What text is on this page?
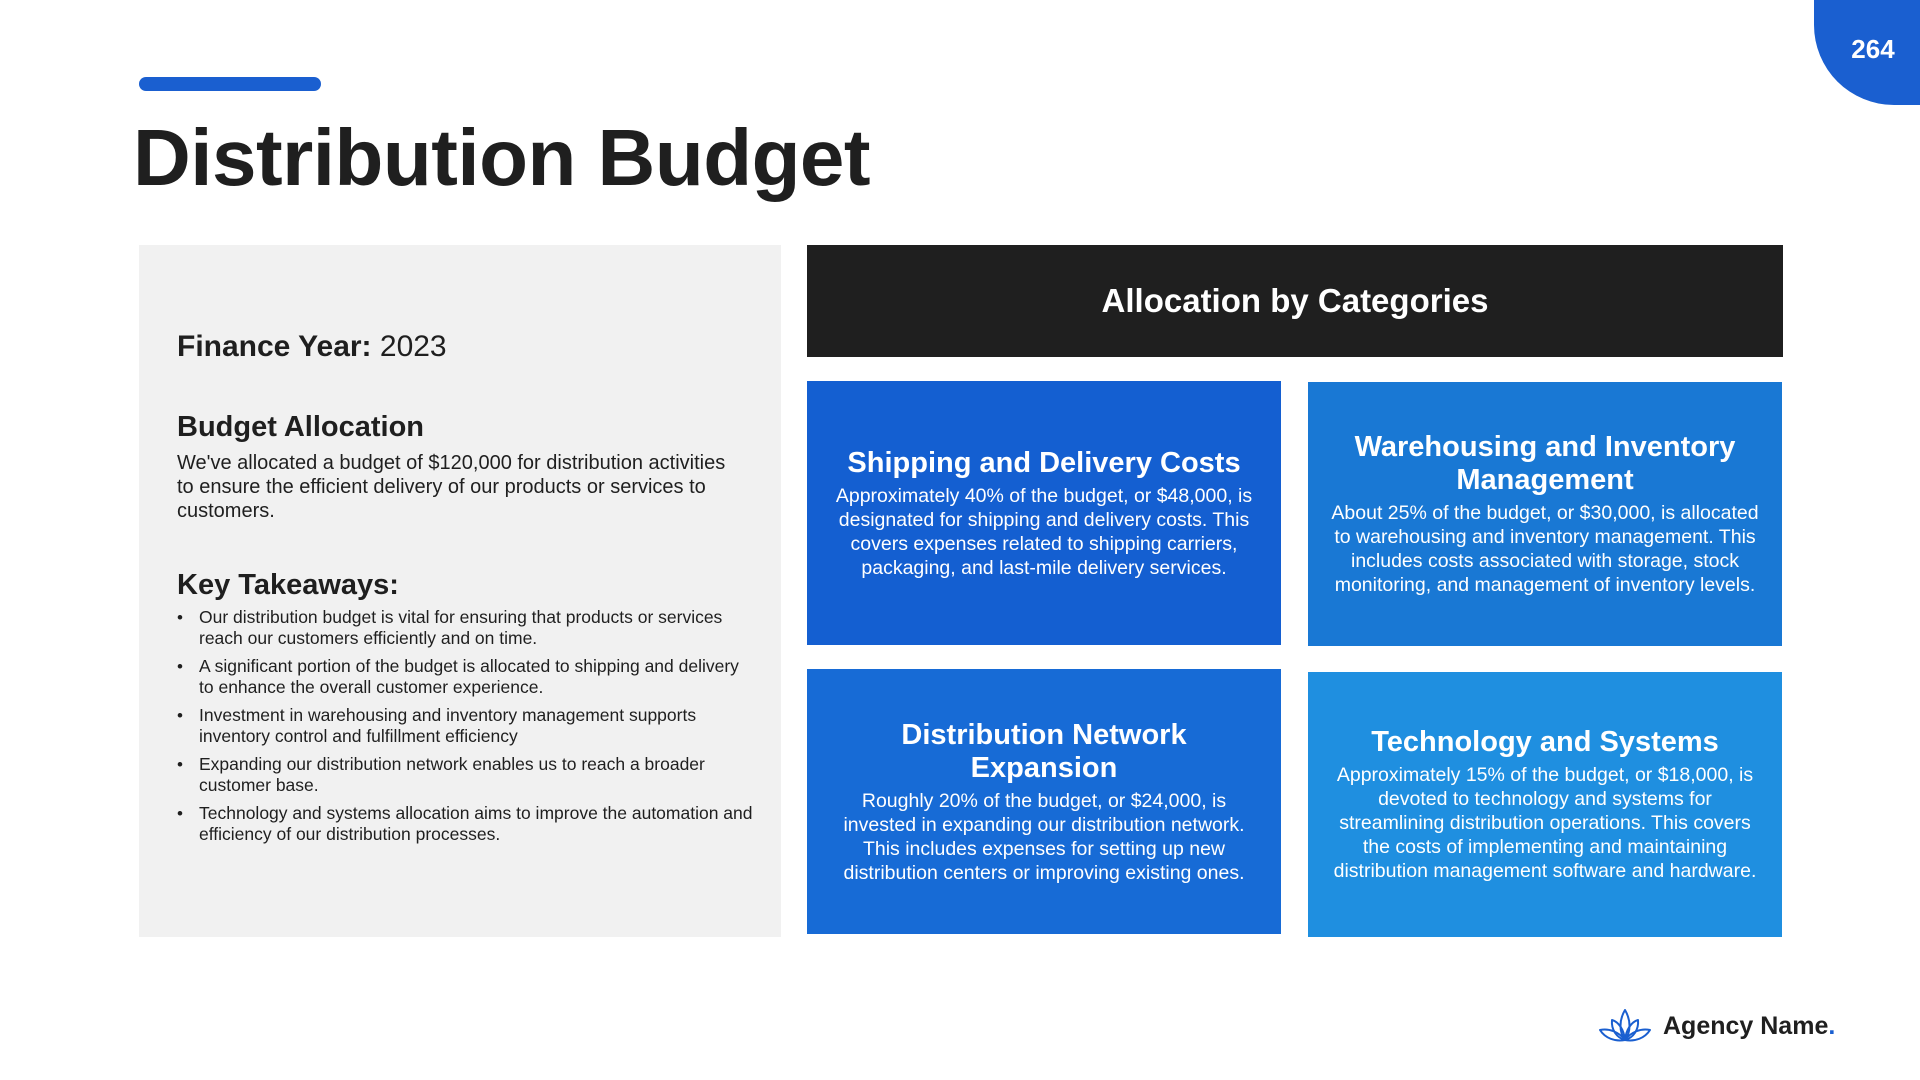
264
Distribution Budget
Finance Year: 2023
Budget Allocation

We've allocated a budget of $120,000 for distribution activities to ensure the efficient delivery of our products or services to customers.

Key Takeaways:
• Our distribution budget is vital for ensuring that products or services reach our customers efficiently and on time.
• A significant portion of the budget is allocated to shipping and delivery to enhance the overall customer experience.
• Investment in warehousing and inventory management supports inventory control and fulfillment efficiency
• Expanding our distribution network enables us to reach a broader customer base.
• Technology and systems allocation aims to improve the automation and efficiency of our distribution processes.
Allocation by Categories
Shipping and Delivery Costs

Approximately 40% of the budget, or $48,000, is designated for shipping and delivery costs. This covers expenses related to shipping carriers, packaging, and last-mile delivery services.

Warehousing and Inventory Management

About 25% of the budget, or $30,000, is allocated to warehousing and inventory management. This includes costs associated with storage, stock monitoring, and management of inventory levels.

Distribution Network Expansion

Roughly 20% of the budget, or $24,000, is invested in expanding our distribution network. This includes expenses for setting up new distribution centers or improving existing ones.

Technology and Systems

Approximately 15% of the budget, or $18,000, is devoted to technology and systems for streamlining distribution operations. This covers the costs of implementing and maintaining distribution management software and hardware.

Agency Name.
